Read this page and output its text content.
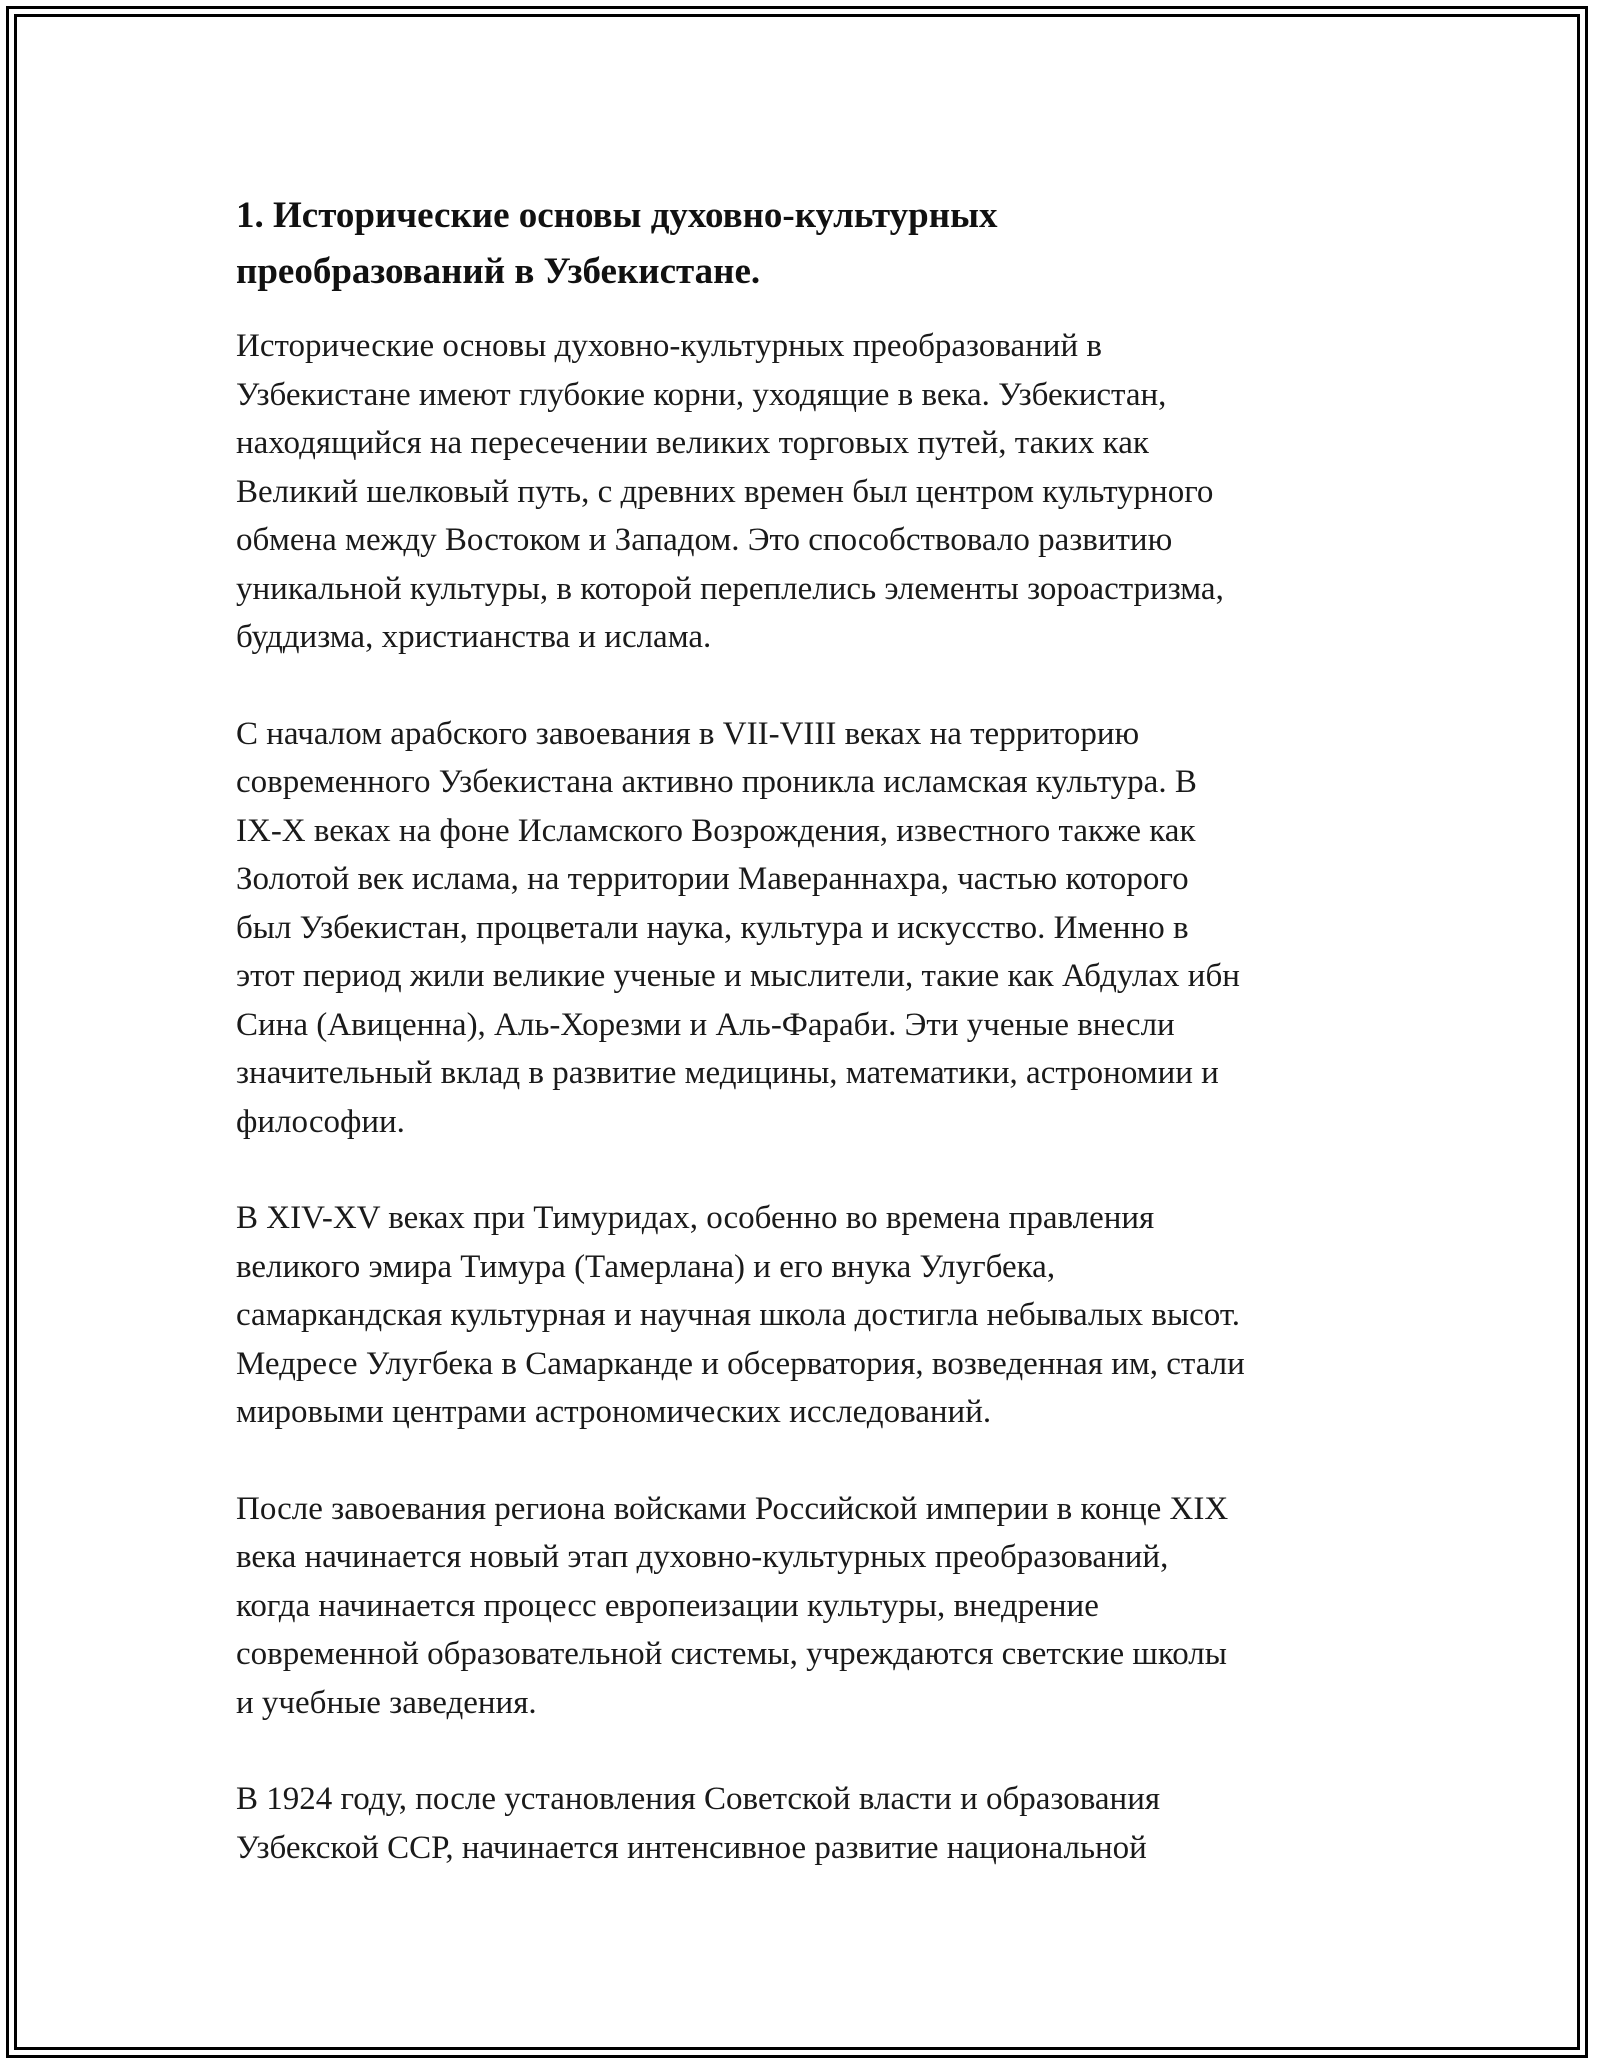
1. Исторические основы духовно-культурных
преобразований в Узбекистане.
Исторические основы духовно-культурных преобразований в
Узбекистане имеют глубокие корни, уходящие в века. Узбекистан,
находящийся на пересечении великих торговых путей, таких как
Великий шелковый путь, с древних времен был центром культурного
обмена между Востоком и Западом. Это способствовало развитию
уникальной культуры, в которой переплелись элементы зороастризма,
буддизма, христианства и ислама.
С началом арабского завоевания в VII-VIII веках на территорию
современного Узбекистана активно проникла исламская культура. В
IX-X веках на фоне Исламского Возрождения, известного также как
Золотой век ислама, на территории Мавераннахра, частью которого
был Узбекистан, процветали наука, культура и искусство. Именно в
этот период жили великие ученые и мыслители, такие как Абдулах ибн
Сина (Авиценна), Аль-Хорезми и Аль-Фараби. Эти ученые внесли
значительный вклад в развитие медицины, математики, астрономии и
философии.
В XIV-XV веках при Тимуридах, особенно во времена правления
великого эмира Тимура (Тамерлана) и его внука Улугбека,
самаркандская культурная и научная школа достигла небывалых высот.
Медресе Улугбека в Самарканде и обсерватория, возведенная им, стали
мировыми центрами астрономических исследований.
После завоевания региона войсками Российской империи в конце XIX
века начинается новый этап духовно-культурных преобразований,
когда начинается процесс европеизации культуры, внедрение
современной образовательной системы, учреждаются светские школы
и учебные заведения.
В 1924 году, после установления Советской власти и образования
Узбекской ССР, начинается интенсивное развитие национальной
